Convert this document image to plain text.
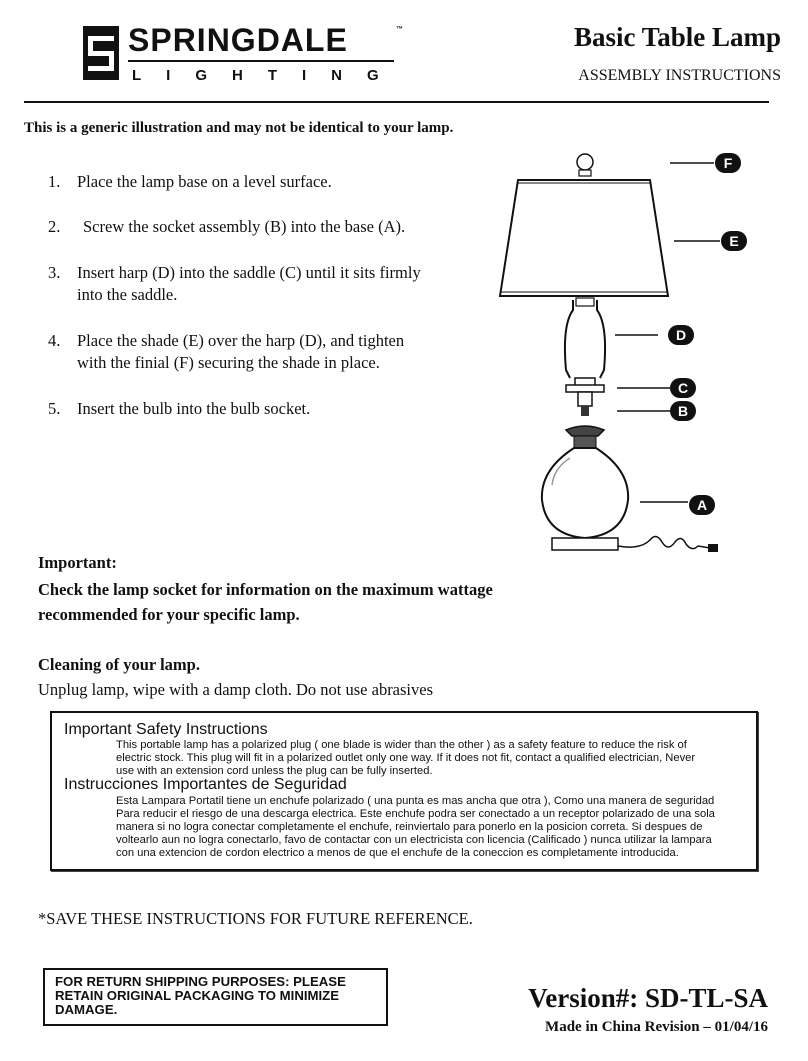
SPRINGDALE	™
LIGHTING
Basic Table Lamp
ASSEMBLY INSTRUCTIONS
This is a generic illustration and may not be identical to your lamp.
1. Place the lamp base on a level surface.
2. Screw the socket assembly (B) into the base (A).
3. Insert harp (D) into the saddle (C) until it sits firmly into the saddle.
4. Place the shade (E) over the harp (D), and tighten with the finial (F) securing the shade in place.
5. Insert the bulb into the bulb socket.
F
E
D
C
B
A
Important:
Check the lamp socket for information on the maximum wattage recommended for your specific lamp.
Cleaning of your lamp.
Unplug lamp, wipe with a damp cloth. Do not use abrasives
Important Safety Instructions
This portable lamp has a polarized plug ( one blade is wider than the other ) as a safety feature to reduce the risk of
electric stock. This plug will fit in a polarized outlet only one way. If it does not fit, contact a qualified electrician, Never
use with an extension cord unless the plug can be fully inserted.
Instrucciones Importantes de Seguridad
Esta Lampara Portatil tiene un enchufe polarizado ( una punta es mas ancha que otra ), Como una manera de seguridad
Para reducir el riesgo de una descarga electrica. Este enchufe podra ser conectado a un receptor polarizado de una sola
manera si no logra conectar completamente el enchufe, reinviertalo para ponerlo en la posicion correta. Si despues de
voltearlo aun no logra conectarlo, favo de contactar con un electricista con licencia (Calificado ) nunca utilizar la lampara
con una extencion de cordon electrico a menos de que el enchufe de la coneccion es completamente introducida.
*SAVE THESE INSTRUCTIONS FOR FUTURE REFERENCE.
FOR RETURN SHIPPING PURPOSES: PLEASE RETAIN ORIGINAL PACKAGING TO MINIMIZE DAMAGE.	Version#: SD-TL-SA
Made in China Revision – 01/04/16
